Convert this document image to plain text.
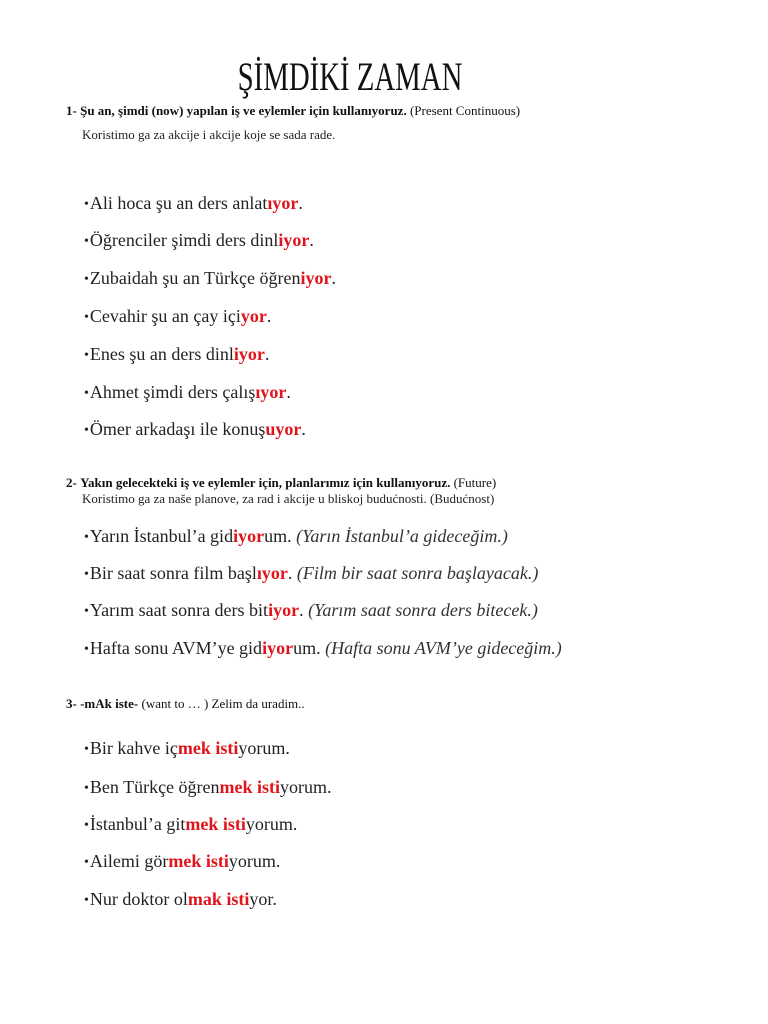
ŞİMDİKİ ZAMAN
1- Şu an, şimdi (now) yapılan iş ve eylemler için kullanıyoruz. (Present Continuous)
Koristimo ga za akcije i akcije koje se sada rade.
•Ali hoca şu an ders anlatıyor.
•Öğrenciler şimdi ders dinliyor.
•Zubaidah şu an Türkçe öğreniyor.
•Cevahir şu an çay içiyor.
•Enes şu an ders dinliyor.
•Ahmet şimdi ders çalışıyor.
•Ömer arkadaşı ile konuşuyor.
2- Yakın gelecekteki iş ve eylemler için, planlarımız için kullanıyoruz. (Future)
Koristimo ga za naše planove, za rad i akcije u bliskoj budućnosti. (Budućnost)
•Yarın İstanbul’a gidiyorum. (Yarın İstanbul’a gideceğim.)
•Bir saat sonra film başlıyor. (Film bir saat sonra başlayacak.)
•Yarım saat sonra ders bitiyor. (Yarım saat sonra ders bitecek.)
•Hafta sonu AVM’ye gidiyorum. (Hafta sonu AVM’ye gideceğim.)
3- -mAk iste- (want to … ) Zelim da uradim..
•Bir kahve içmek istiyorum.
•Ben Türkçe öğrenmek istiyorum.
•İstanbul’a gitmek istiyorum.
•Ailemi görmek istiyorum.
•Nur doktor olmak istiyor.
